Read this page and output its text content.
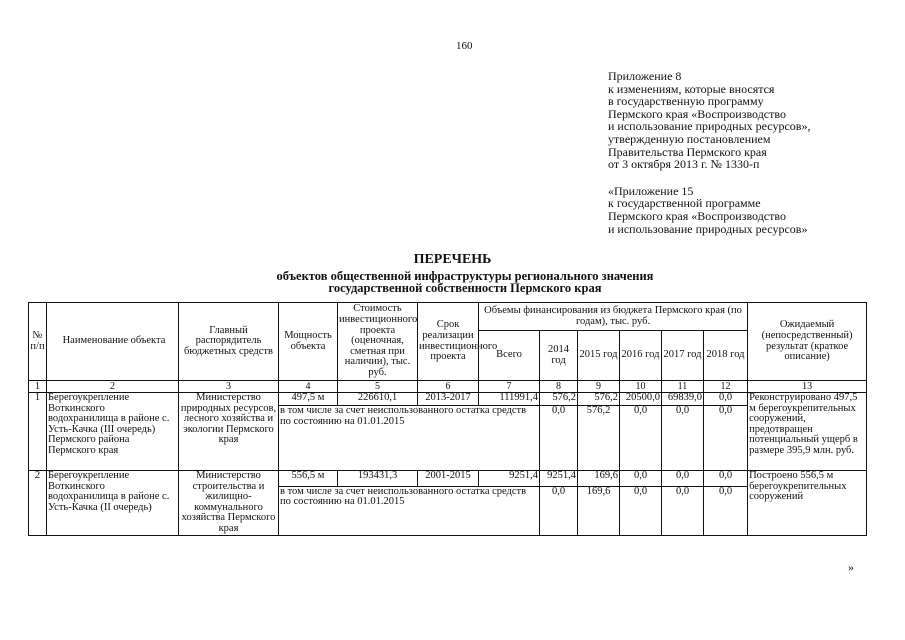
160
Приложение 8
к изменениям, которые вносятся
в государственную программу
Пермского края «Воспроизводство
и использование природных ресурсов»,
утвержденную постановлением
Правительства Пермского края
от 3 октября 2013 г. № 1330-п
«Приложение 15
к государственной программе
Пермского края «Воспроизводство
и использование природных ресурсов»
ПЕРЕЧЕНЬ
объектов общественной инфраструктуры регионального значения
государственной собственности Пермского края
№ п/п	Наименование объекта	Главный распорядитель бюджетных средств	Мощность объекта	Стоимость инвестиционного проекта (оценочная, сметная при наличии), тыс. руб.	Срок реализации инвестиционного проекта	Объемы финансирования из бюджета Пермского края (по годам), тыс. руб.						Ожидаемый (непосредственный) результат (краткое описание)
						Всего	2014 год	2015 год	2016 год	2017 год	2018 год	
1	2	3	4	5	6	7	8	9	10	11	12	13
1	Берегоукрепление Воткинского водохранилища в районе с. Усть-Качка (III очередь) Пермского района Пермского края	Министерство природных ресурсов, лесного хозяйства и экологии Пермского края	497,5 м	226610,1	2013-2017	111991,4	576,2	576,2	20500,0	69839,0	0,0	Реконструировано 497,5 м берегоукрепительных сооружений, предотвращен потенциальный ущерб в размере 395,9 млн. руб.
			в том числе за счет неиспользованного остатка средств по состоянию на 01.01.2015				0,0	576,2	0,0	0,0	0,0	
2	Берегоукрепление Воткинского водохранилища в районе с. Усть-Качка (II очередь)	Министерство строительства и жилищно-коммунального хозяйства Пермского края	556,5 м	193431,3	2001-2015	9251,4	9251,4	169,6	0,0	0,0	0,0	Построено 556,5 м берегоукрепительных сооружений
			в том числе за счет неиспользованного остатка средств по состоянию на 01.01.2015				0,0	169,6	0,0	0,0	0,0	
»
